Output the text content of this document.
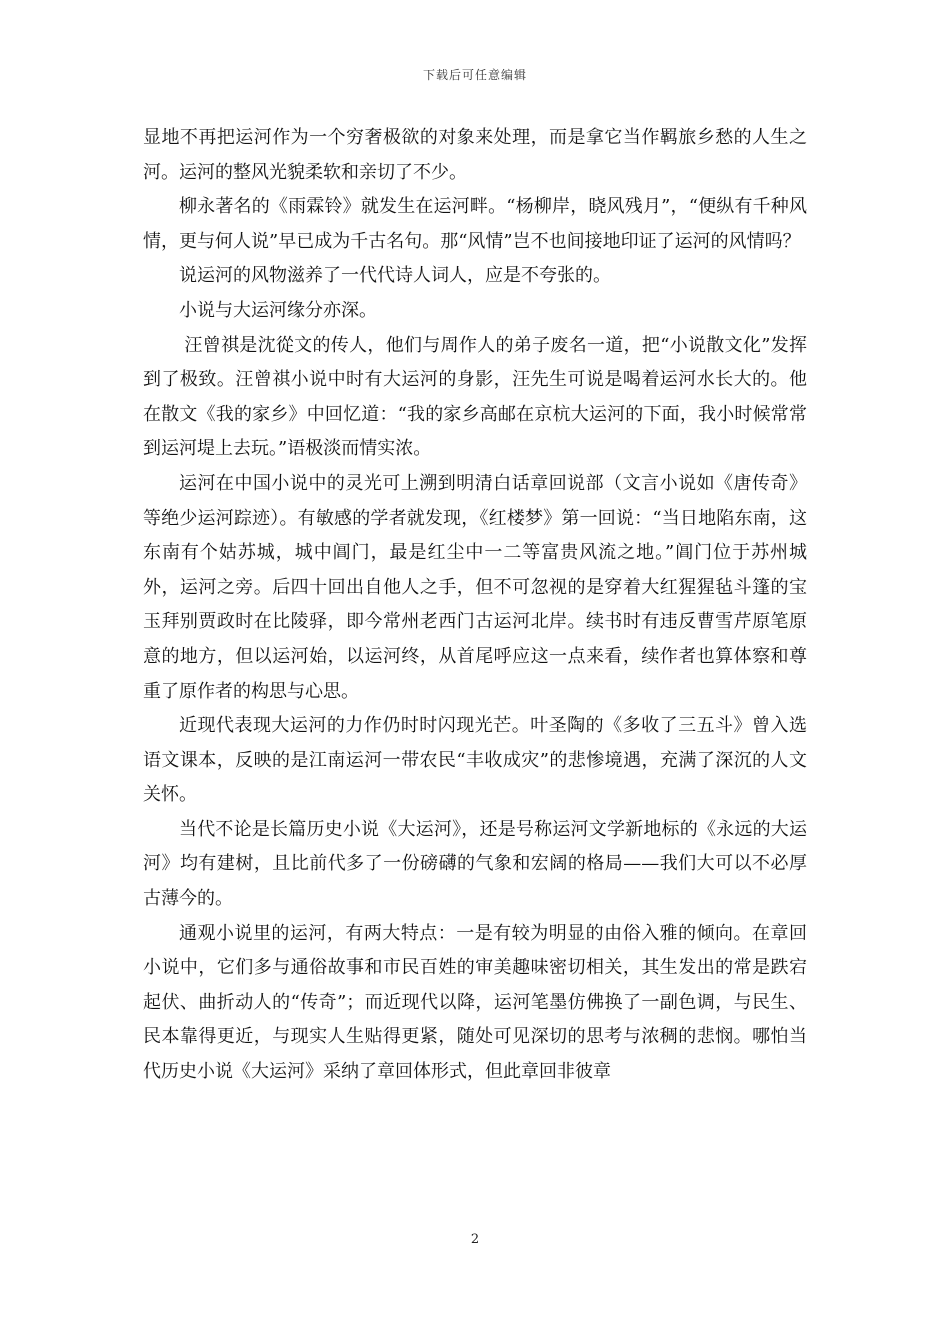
下载后可任意编辑

显地不再把运河作为一个穷奢极欲的对象来处理，而是拿它当作羁旅乡愁的人生之河。运河的整风光貌柔软和亲切了不少。

柳永著名的《雨霖铃》就发生在运河畔。“杨柳岸，晓风残月”，“便纵有千种风情，更与何人说”早已成为千古名句。那“风情”岂不也间接地印证了运河的风情吗？

说运河的风物滋养了一代代诗人词人，应是不夸张的。

小说与大运河缘分亦深。

汪曾祺是沈從文的传人，他们与周作人的弟子废名一道，把“小说散文化”发挥到了极致。汪曾祺小说中时有大运河的身影，汪先生可说是喝着运河水长大的。他在散文《我的家乡》中回忆道：“我的家乡高邮在京杭大运河的下面，我小时候常常到运河堤上去玩。”语极淡而情实浓。

运河在中国小说中的灵光可上溯到明清白话章回说部（文言小说如《唐传奇》等绝少运河踪迹）。有敏感的学者就发现，《红楼梦》第一回说：“当日地陷东南，这东南有个姑苏城，城中阊门，最是红尘中一二等富贵风流之地。”阊门位于苏州城外，运河之旁。后四十回出自他人之手，但不可忽视的是穿着大红猩猩毡斗篷的宝玉拜别贾政时在比陵驿，即今常州老西门古运河北岸。续书时有违反曹雪芹原笔原意的地方，但以运河始，以运河终，从首尾呼应这一点来看，续作者也算体察和尊重了原作者的构思与心思。

近现代表现大运河的力作仍时时闪现光芒。叶圣陶的《多收了三五斗》曾入选语文课本，反映的是江南运河一带农民“丰收成灾”的悲惨境遇，充满了深沉的人文关怀。

当代不论是长篇历史小说《大运河》，还是号称运河文学新地标的《永远的大运河》均有建树，且比前代多了一份磅礴的气象和宏阔的格局——我们大可以不必厚古薄今的。

通观小说里的运河，有两大特点：一是有较为明显的由俗入雅的倾向。在章回小说中，它们多与通俗故事和市民百姓的审美趣味密切相关，其生发出的常是跌宕起伏、曲折动人的“传奇”；而近现代以降，运河笔墨仿佛换了一副色调，与民生、民本靠得更近，与现实人生贴得更紧，随处可见深切的思考与浓稠的悲悯。哪怕当代历史小说《大运河》采纳了章回体形式，但此章回非彼章

2
